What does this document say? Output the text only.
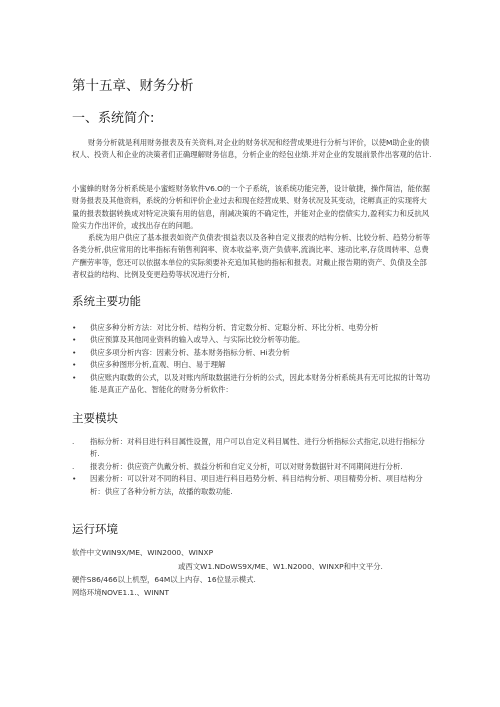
第十五章、财务分析
一、系统简介:

财务分析就是利用财务报表及有关资料,对企业的财务状况和经营成果进行分析与评价，以使M助企业的债权人、投资人和企业的决策者们正确理解财务信息，分析企业的经包业绩.并对企业的发展前景作出客观的估计.

小蜜蜂的财务分析系统是小蜜蛭财务软件V6.O的一个子系统，该系统功能完善，设计敏捷，操作简洁，能依据财务报表及其他资料，系统的分析和评价企业过去和现在经营成果、财务状况及其变动，诧孵真正的实现将大量的报表数据转换成对特定决策有用的信息，削减决策的不确定性，并能对企业的偿债实力,盈利实力和反抗风险实力作出评价，或找出存在的问题。

系统为用户供应了基本报表如资产负债表'损益表以及各种自定义报表的结构分析、比较分析、趋势分析等各类分析,供应常用的比率指标有销售利润率、资本收益率,资产负债率,流淌比率、速动比率,存货周转率、总费产酬劳率等，您还可以依据本单位的实际须要补充追加其他的指标和报表。对戴止报告期的资产、负债及全部者权益的结构、比例及变更趋势等状况进行分析,

系统主要功能
• 供应多种分析方法：对比分析、结构分析、肯定数分析、定聪分析、环比分析、电势分析
• 供应预算及其他同业资料的输入或导入、与实际比较分析等功能。
• 供应多项分析内容：因素分析、基本财务指标分析、Hi表分析
• 供应多种图形分析,直观、明白、易于理解
• 供应账内取数的公式，以及对账内所取数据进行分析的公式，因此本财务分析系统具有无可比拟的计驾功能.是真正产品化、智能化的财务分析软件：
主要模块
. 指标分析：对科目进行科目属性设置，用户可以自定义科目属性、进行分析指标公式指定,以进行指标分析.
. 报表分析：供应资产仇戴分析、损益分析和自定义分析，可以对财务数据针对不同期间进行分析.
• 因素分析：可以针对不同的科目、项目进行科目趋势分析、科目结构分析、项目精势分析、项目结构分析：供应了各种分析方法，故播的取数功能.
运行环境
软件中文WIN9X/ME、WIN2000、WINXP
或西文W1.NDoWS9X/ME、W1.N2000、WINXP和中文平分.
硬件S86/466以上机型，64M以上内存、16位显示模式.
网络环境NOVE1.1.、WINNT
